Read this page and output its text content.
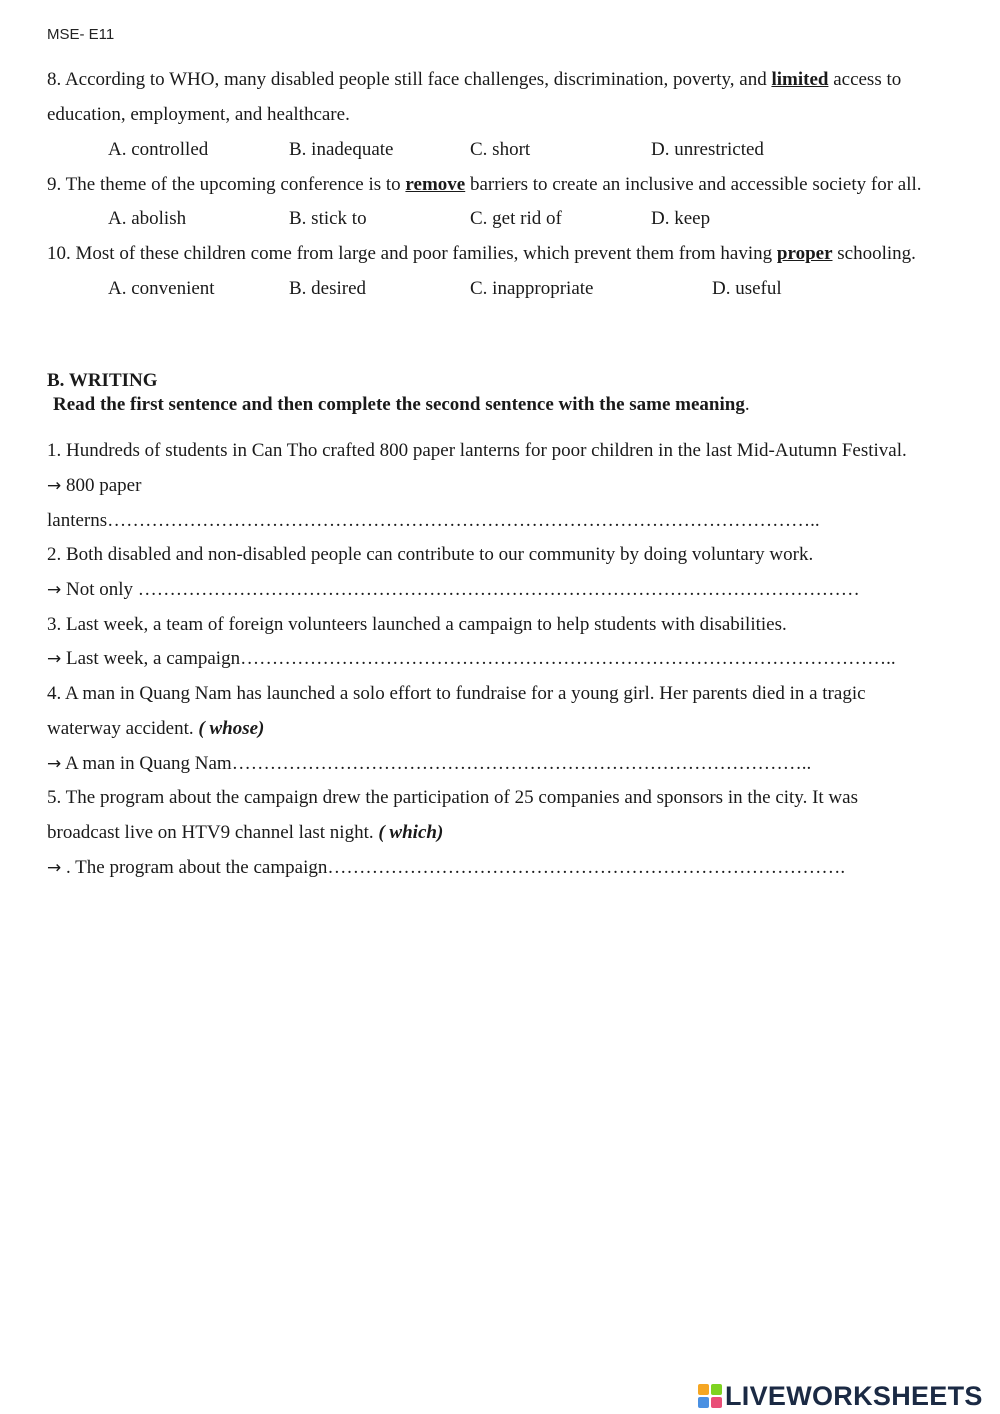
MSE- E11
8. According to WHO, many disabled people still face challenges, discrimination, poverty, and limited access to
education, employment, and healthcare.
A. controlled	B. inadequate	C. short	D. unrestricted
9. The theme of the upcoming conference is to remove barriers to create an inclusive and accessible society for all.
A. abolish	B. stick to	C. get rid of	D. keep
10. Most of these children come from large and poor families, which prevent them from having proper schooling.
A. convenient	B. desired	C. inappropriate	D. useful
B. WRITING
Read the first sentence and then complete the second sentence with the same meaning.
1. Hundreds of students in Can Tho crafted 800 paper lanterns for poor children in the last Mid-Autumn Festival.
→ 800 paper
lanterns…………………………………………………………………………………………………..
2. Both disabled and non-disabled people can contribute to our community by doing voluntary work.
→ Not only ……………………………………………………………………………………………………
3. Last week, a team of foreign volunteers launched a campaign to help students with disabilities.
→ Last week, a campaign…………………………………………………………………………………………..
4. A man in Quang Nam has launched a solo effort to fundraise for a young girl. Her parents died in a tragic
waterway accident. ( whose)
→ A man in Quang Nam………………………………………………………………………………..
5. The program about the campaign drew the participation of 25 companies and sponsors in the city. It was
broadcast live on HTV9 channel last night. ( which)
→ . The program about the campaign……………………………………………………………………….
LIVEWORKSHEETS
